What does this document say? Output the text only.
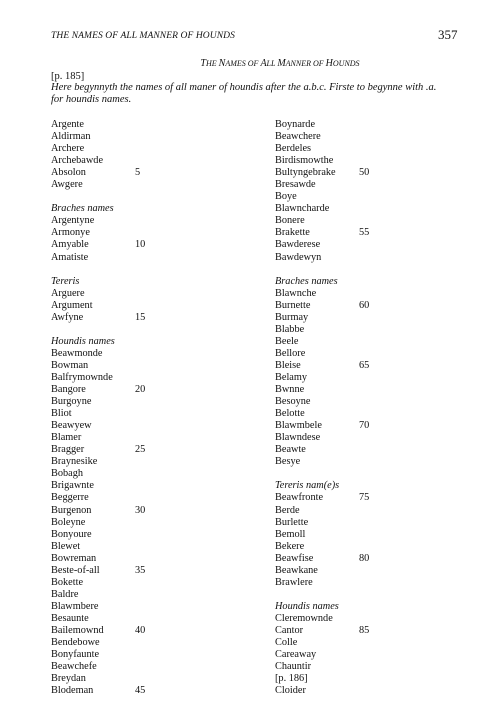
THE NAMES OF ALL MANNER OF HOUNDS	357
THE NAMES OF ALL MANNER OF HOUNDS
[p. 185]
Here begynnyth the names of all maner of houndis after the a.b.c. Firste to begynne with .a. for houndis names.
Argente
Aldirman
Archere
Archebawde
Absolon	5
Awgere
Braches names
Argentyne
Armonye
Amyable	10
Amatiste
Tereris
Arguere
Argument
Awfyne	15
Houndis names
Beawmonde
Bowman
Balfrymownde
Bangore	20
Burgoyne
Bliot
Beawyew
Blamer
Bragger	25
Braynesike
Bobagh
Brigawnte
Beggerre
Burgenon	30
Boleyne
Bonyoure
Blewet
Bowreman
Beste-of-all	35
Bokette
Baldre
Blawmbere
Besaunte
Bailemownd	40
Bendebowe
Bonyfaunte
Beawchefe
Breydan
Blodeman	45
Boynarde
Beawchere
Berdeles
Birdismowthe
Bultyngebrake 50
Bresawde
Boye
Blawncharde
Bonere
Brakette	55
Bawderese
Bawdewyn
Braches names
Blawnche
Burnette	60
Burmay
Blabbe
Beele
Bellore
Bleise	65
Belamy
Bwnne
Besoyne
Belotte
Blawmbele	70
Blawndese
Beawte
Besye
Tereris nam(e)s
Beawfronte	75
Berde
Burlette
Bemoll
Bekere
Beawfise	80
Beawkane
Brawlere
Houndis names
Cleremownde
Cantor	85
Colle
Careaway
Chauntir
[p. 186]
Cloider
